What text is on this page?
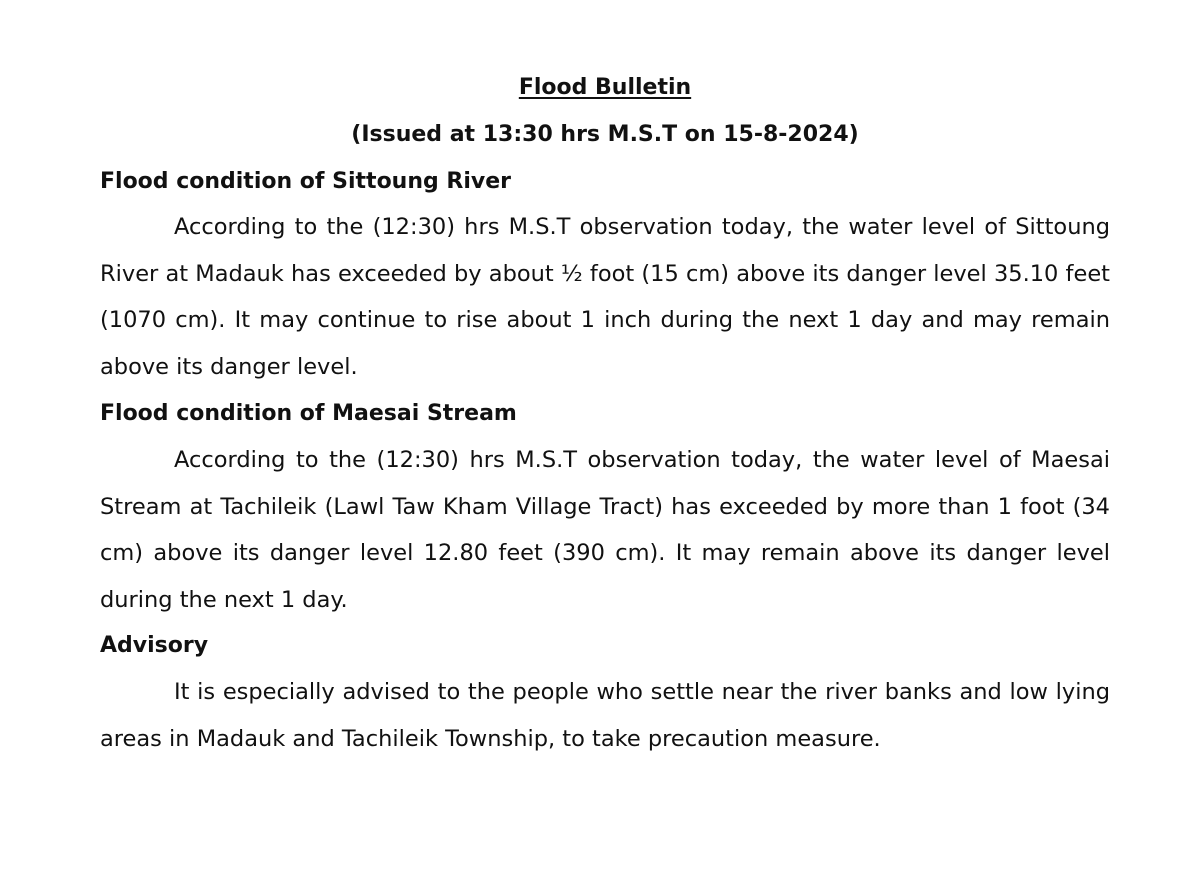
Flood Bulletin
(Issued at 13:30 hrs M.S.T on 15-8-2024)
Flood condition of Sittoung River

According to the (12:30) hrs M.S.T observation today, the water level of Sittoung River at Madauk has exceeded by about ½ foot (15 cm) above its danger level 35.10 feet (1070 cm). It may continue to rise about 1 inch during the next 1 day and may remain above its danger level.

Flood condition of Maesai Stream

According to the (12:30) hrs M.S.T observation today, the water level of Maesai Stream at Tachileik (Lawl Taw Kham Village Tract) has exceeded by more than 1 foot (34 cm) above its danger level 12.80 feet (390 cm). It may remain above its danger level during the next 1 day.

Advisory

It is especially advised to the people who settle near the river banks and low lying areas in Madauk and Tachileik Township, to take precaution measure.
